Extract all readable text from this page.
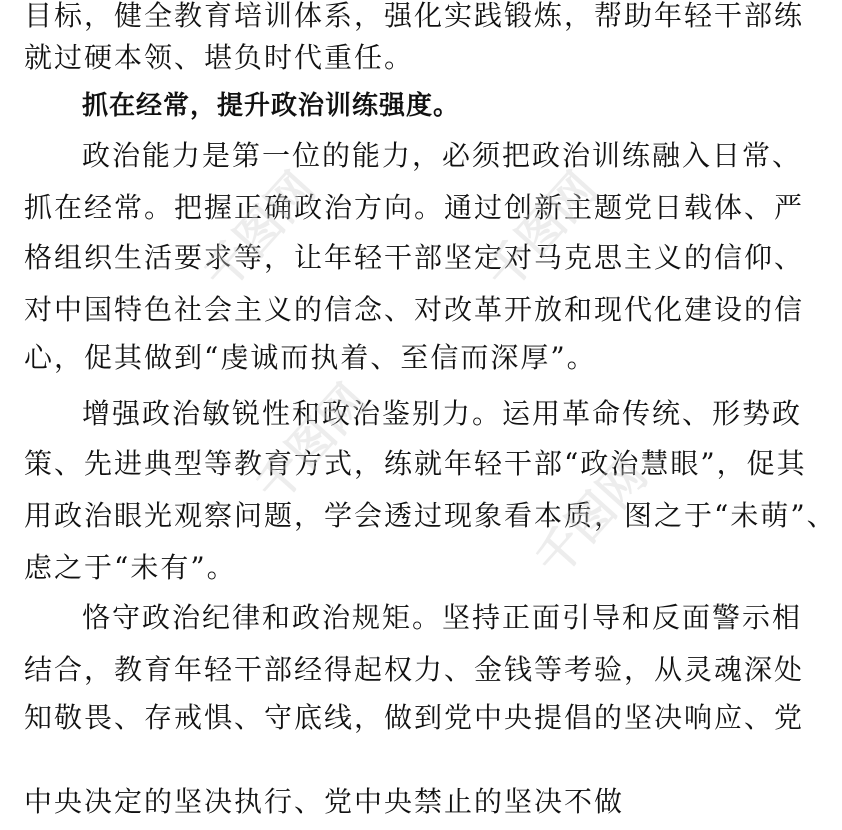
目标，健全教育培训体系，强化实践锻炼，帮助年轻干部练
就过硬本领、堪负时代重任。
抓在经常，提升政治训练强度。
政治能力是第一位的能力，必须把政治训练融入日常、
抓在经常。把握正确政治方向。通过创新主题党日载体、严
格组织生活要求等，让年轻干部坚定对马克思主义的信仰、
对中国特色社会主义的信念、对改革开放和现代化建设的信
心，促其做到“虔诚而执着、至信而深厚”。
增强政治敏锐性和政治鉴别力。运用革命传统、形势政
策、先进典型等教育方式，练就年轻干部“政治慧眼”，促其
用政治眼光观察问题，学会透过现象看本质，图之于“未萌”、
虑之于“未有”。
恪守政治纪律和政治规矩。坚持正面引导和反面警示相
结合，教育年轻干部经得起权力、金钱等考验，从灵魂深处
知敬畏、存戒惧、守底线，做到党中央提倡的坚决响应、党
中央决定的坚决执行、党中央禁止的坚决不做
千图网	千图网
千图网
千图网
